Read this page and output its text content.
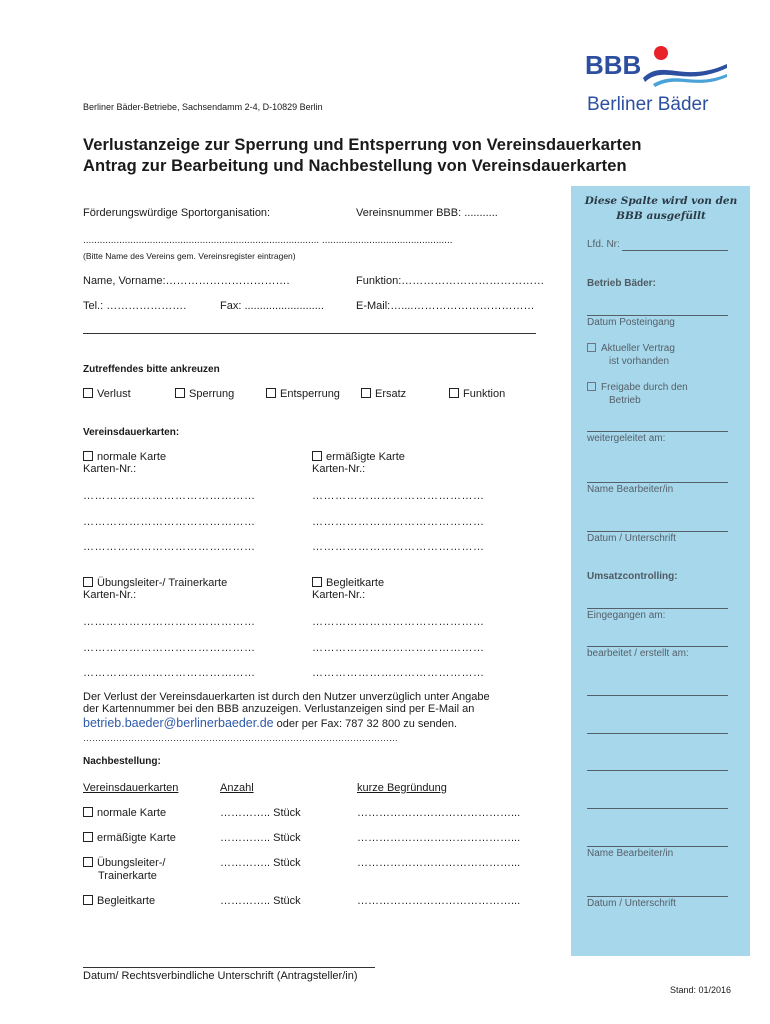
BBB
Berliner Bäder
Berliner Bäder-Betriebe, Sachsendamm 2-4, D-10829 Berlin
Verlustanzeige zur Sperrung und Entsperrung von Vereinsdauerkarten
Antrag zur Bearbeitung und Nachbestellung von Vereinsdauerkarten
Diese Spalte wird von den BBB ausgefüllt
Lfd. Nr:
Betrieb Bäder:
Datum Posteingang
Aktueller Vertrag
ist vorhanden
Freigabe durch den
Betrieb
weitergeleitet am:
Name Bearbeiter/in
Datum / Unterschrift
Umsatzcontrolling:
Eingegangen am:
bearbeitet / erstellt am:
Name Bearbeiter/in
Datum / Unterschrift
Förderungswürdige Sportorganisation:	Vereinsnummer BBB: ...........
..................................................................................... ...............................................
(Bitte Name des Vereins gem. Vereinsregister eintragen)
Name, Vorname:…………………………….	Funktion:…………………………………
Tel.: ………………….	Fax: ..........................	E-Mail:…....……………………………
Zutreffendes bitte ankreuzen
Verlust	Sperrung	Entsperrung	Ersatz	Funktion
Vereinsdauerkarten:
normale Karte
Karten-Nr.:
ermäßigte Karte
Karten-Nr.:
………………………………………	………………………………………
………………………………………	………………………………………
………………………………………	………………………………………
Übungsleiter-/ Trainerkarte
Karten-Nr.:
Begleitkarte
Karten-Nr.:
………………………………………	………………………………………
………………………………………	………………………………………
………………………………………	………………………………………
Der Verlust der Vereinsdauerkarten ist durch den Nutzer unverzüglich unter Angabe
der Kartennummer bei den BBB anzuzeigen. Verlustanzeigen sind per E-Mail an
betrieb.baeder@berlinerbaeder.de oder per Fax: 787 32 800 zu senden.
……………………………………………………………………………………………
Nachbestellung:
Vereinsdauerkarten	Anzahl	kurze Begründung
normale Karte	………….. Stück	……………………………………...
ermäßigte Karte	………….. Stück	……………………………………...
Übungsleiter-/
Trainerkarte
………….. Stück	……………………………………...
Begleitkarte	………….. Stück	……………………………………...
Datum/ Rechtsverbindliche Unterschrift (Antragsteller/in)
Stand: 01/2016
